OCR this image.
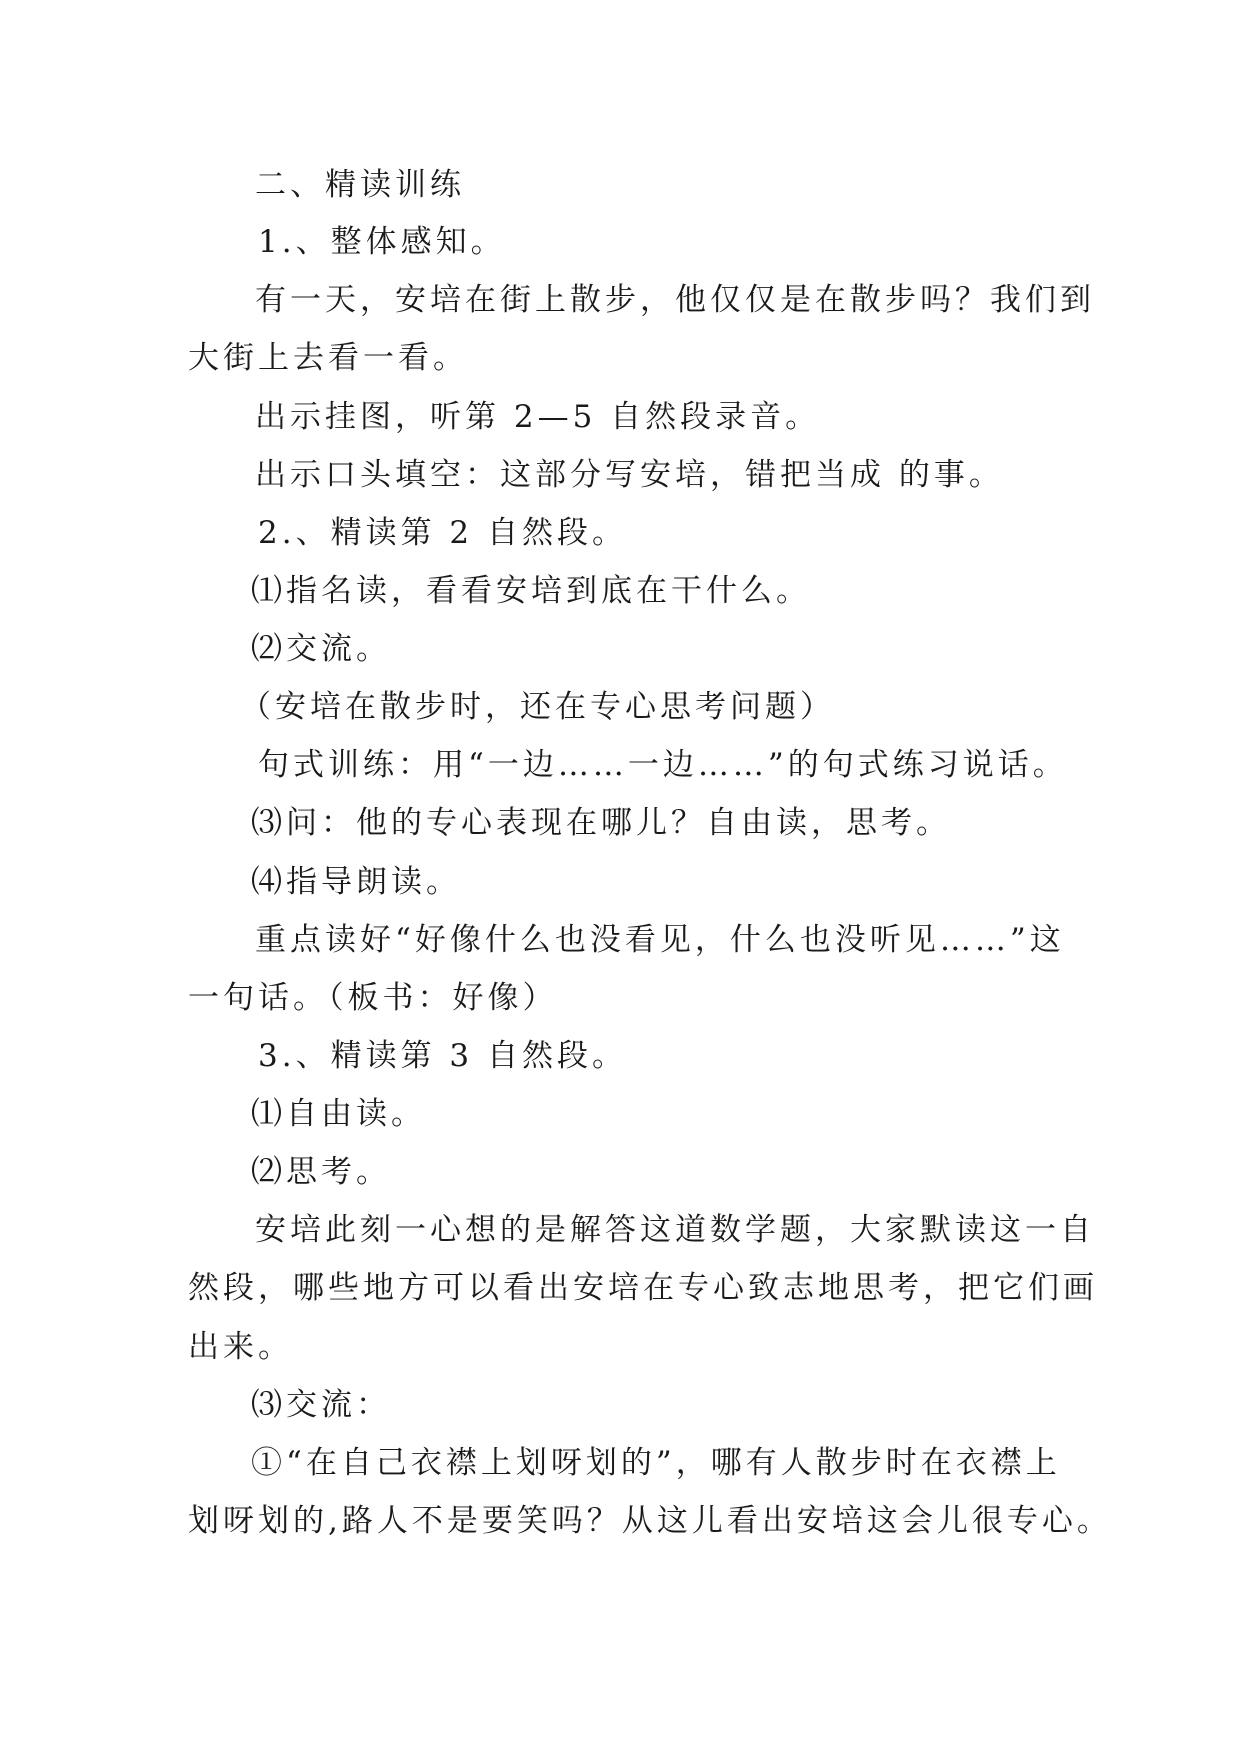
二、精读训练
1.、整体感知。
有一天，安培在街上散步，他仅仅是在散步吗？我们到
大街上去看一看。
出示挂图，听第 2—5 自然段录音。
出示口头填空：这部分写安培，错把当成 的事。
2.、精读第 2 自然段。
⑴指名读，看看安培到底在干什么。
⑵交流。
（安培在散步时，还在专心思考问题）
句式训练：用“一边……一边……”的句式练习说话。
⑶问：他的专心表现在哪儿？自由读，思考。
⑷指导朗读。
重点读好“好像什么也没看见，什么也没听见……”这
一句话。（板书：好像）
3.、精读第 3 自然段。
⑴自由读。
⑵思考。
安培此刻一心想的是解答这道数学题，大家默读这一自
然段，哪些地方可以看出安培在专心致志地思考，把它们画
出来。
⑶交流：
①“在自己衣襟上划呀划的”，哪有人散步时在衣襟上
划呀划的,路人不是要笑吗？从这儿看出安培这会儿很专心。
